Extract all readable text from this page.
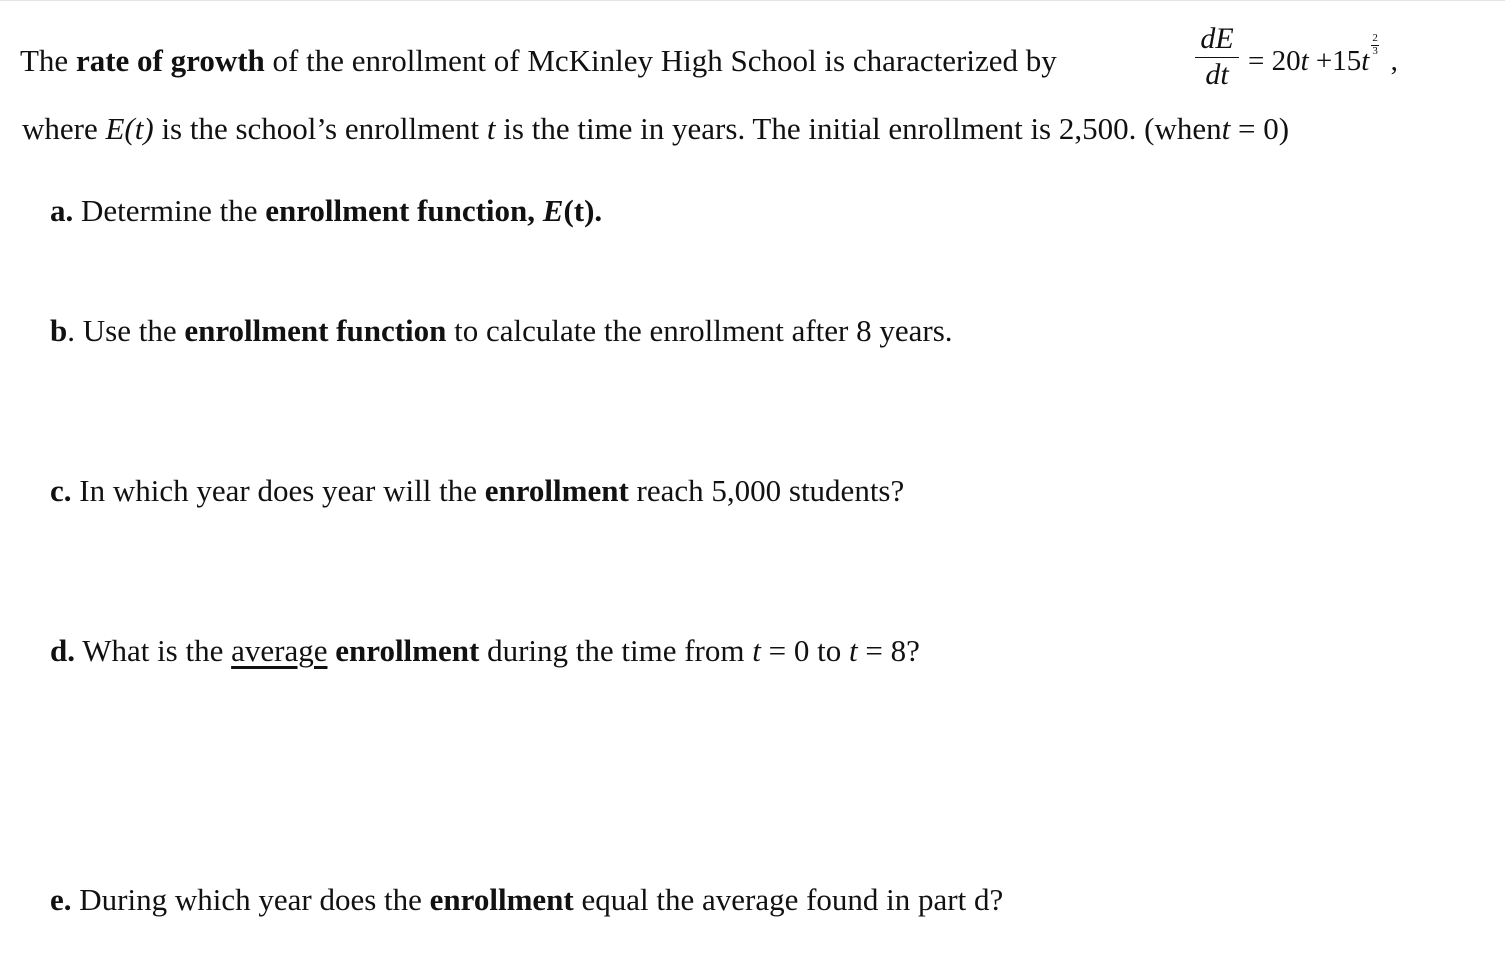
The rate of growth of the enrollment of McKinley High School is characterized by
dE
dt = $20t +15t \frac{2}{3}$ ,
where E(t) is the school’s enrollment t is the time in years. The initial enrollment is 2,500. (whent = 0)
a. Determine the enrollment function, E(t).
b. Use the enrollment function to calculate the enrollment after 8 years.
c. In which year does year will the enrollment reach 5,000 students?
d. What is the average enrollment during the time from t = 0 to t = 8?
e. During which year does the enrollment equal the average found in part d?
